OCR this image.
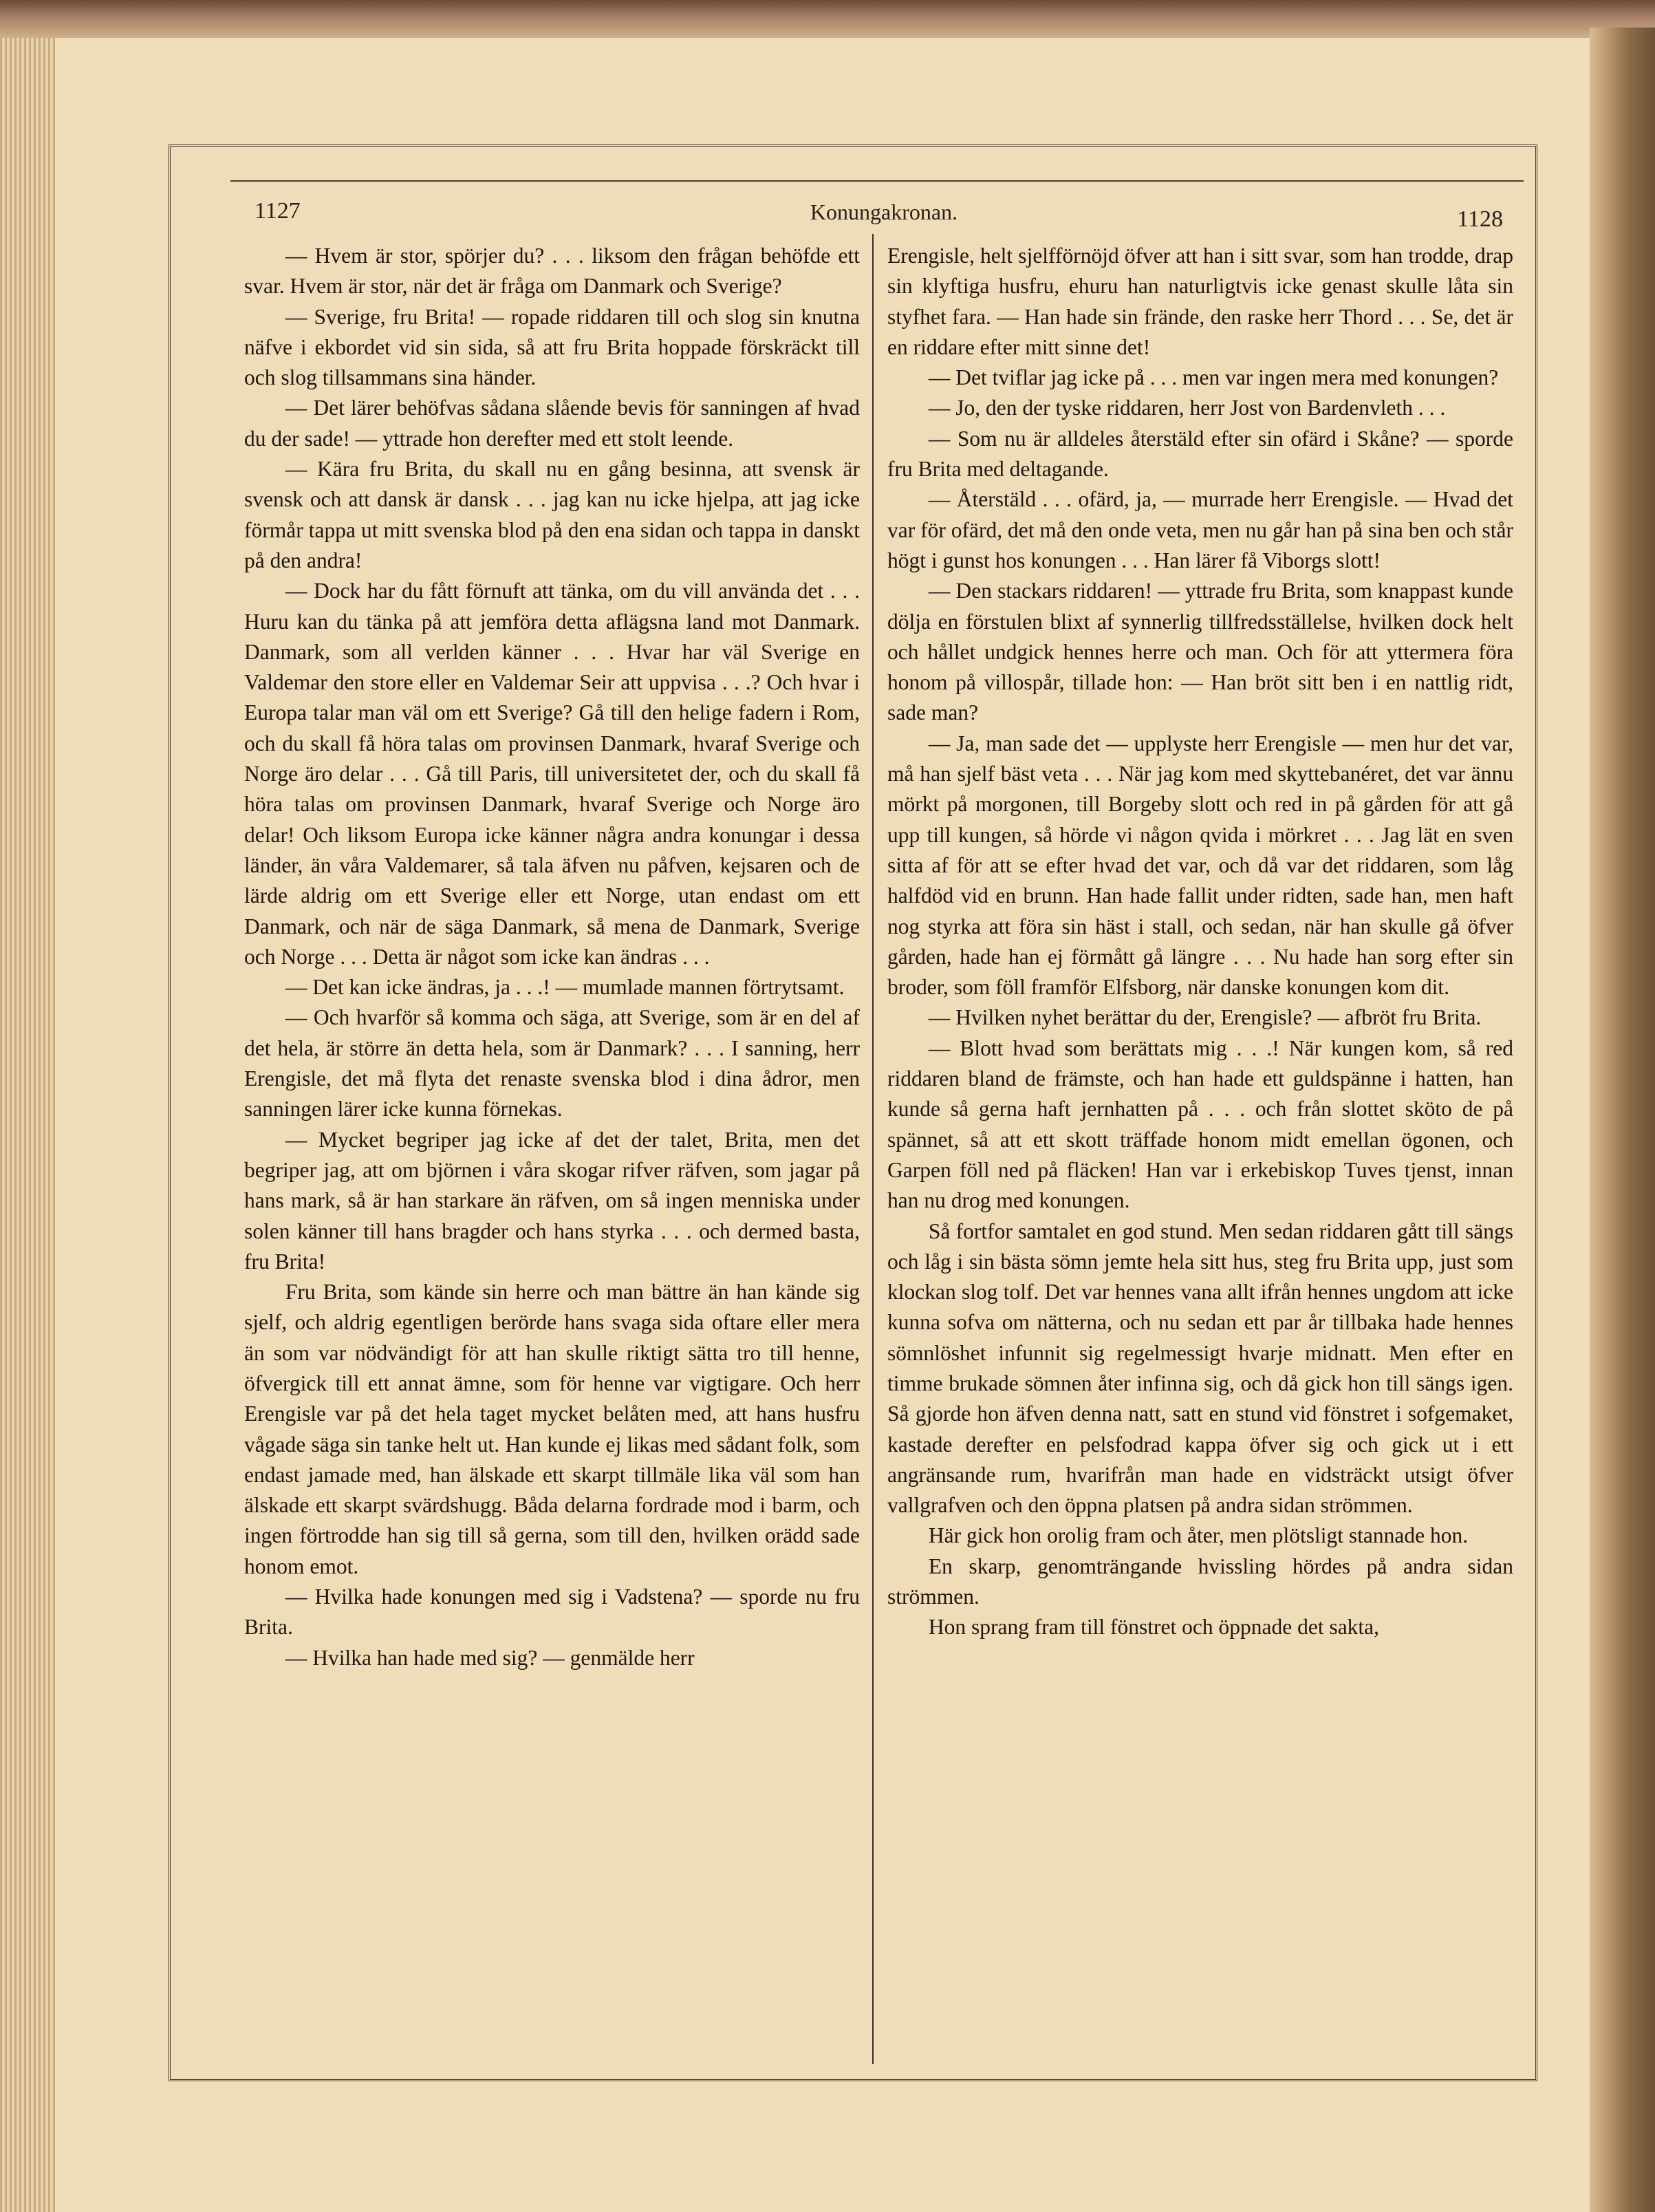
1127	Konungakronan.	1128

— Hvem är stor, spörjer du? . . . liksom den frågan behöfde ett svar. Hvem är stor, när det är fråga om Danmark och Sverige?

— Sverige, fru Brita! — ropade riddaren till och slog sin knutna näfve i ekbordet vid sin sida, så att fru Brita hoppade förskräckt till och slog tillsammans sina händer.

— Det lärer behöfvas sådana slående bevis för sanningen af hvad du der sade! — yttrade hon derefter med ett stolt leende.

— Kära fru Brita, du skall nu en gång besinna, att svensk är svensk och att dansk är dansk . . . jag kan nu icke hjelpa, att jag icke förmår tappa ut mitt svenska blod på den ena sidan och tappa in danskt på den andra!

— Dock har du fått förnuft att tänka, om du vill använda det . . . Huru kan du tänka på att jemföra detta aflägsna land mot Danmark. Danmark, som all verlden känner . . . Hvar har väl Sverige en Valdemar den store eller en Valdemar Seir att uppvisa . . .? Och hvar i Europa talar man väl om ett Sverige? Gå till den helige fadern i Rom, och du skall få höra talas om provinsen Danmark, hvaraf Sverige och Norge äro delar . . . Gå till Paris, till universitetet der, och du skall få höra talas om provinsen Danmark, hvaraf Sverige och Norge äro delar! Och liksom Europa icke känner några andra konungar i dessa länder, än våra Valdemarer, så tala äfven nu påfven, kejsaren och de lärde aldrig om ett Sverige eller ett Norge, utan endast om ett Danmark, och när de säga Danmark, så mena de Danmark, Sverige och Norge . . . Detta är något som icke kan ändras . . .

— Det kan icke ändras, ja . . .! — mumlade mannen förtrytsamt.

— Och hvarför så komma och säga, att Sverige, som är en del af det hela, är större än detta hela, som är Danmark? . . . I sanning, herr Erengisle, det må flyta det renaste svenska blod i dina ådror, men sanningen lärer icke kunna förnekas.

— Mycket begriper jag icke af det der talet, Brita, men det begriper jag, att om björnen i våra skogar rifver räfven, som jagar på hans mark, så är han starkare än räfven, om så ingen menniska under solen känner till hans bragder och hans styrka . . . och dermed basta, fru Brita!

Fru Brita, som kände sin herre och man bättre än han kände sig sjelf, och aldrig egentligen berörde hans svaga sida oftare eller mera än som var nödvändigt för att han skulle riktigt sätta tro till henne, öfvergick till ett annat ämne, som för henne var vigtigare. Och herr Erengisle var på det hela taget mycket belåten med, att hans husfru vågade säga sin tanke helt ut. Han kunde ej likas med sådant folk, som endast jamade med, han älskade ett skarpt tillmäle lika väl som han älskade ett skarpt svärdshugg. Båda delarna fordrade mod i barm, och ingen förtrodde han sig till så gerna, som till den, hvilken orädd sade honom emot.

— Hvilka hade konungen med sig i Vadstena? — sporde nu fru Brita.

— Hvilka han hade med sig? — genmälde herr

Erengisle, helt sjelfförnöjd öfver att han i sitt svar, som han trodde, drap sin klyftiga husfru, ehuru han naturligtvis icke genast skulle låta sin styfhet fara. — Han hade sin frände, den raske herr Thord . . . Se, det är en riddare efter mitt sinne det!

— Det tviflar jag icke på . . . men var ingen mera med konungen?

— Jo, den der tyske riddaren, herr Jost von Bardenvleth . . .

— Som nu är alldeles återstäld efter sin ofärd i Skåne? — sporde fru Brita med deltagande.

— Återstäld . . . ofärd, ja, — murrade herr Erengisle. — Hvad det var för ofärd, det må den onde veta, men nu går han på sina ben och står högt i gunst hos konungen . . . Han lärer få Viborgs slott!

— Den stackars riddaren! — yttrade fru Brita, som knappast kunde dölja en förstulen blixt af synnerlig tillfredsställelse, hvilken dock helt och hållet undgick hennes herre och man. Och för att yttermera föra honom på villospår, tillade hon: — Han bröt sitt ben i en nattlig ridt, sade man?

— Ja, man sade det — upplyste herr Erengisle — men hur det var, må han sjelf bäst veta . . . När jag kom med skyttebanéret, det var ännu mörkt på morgonen, till Borgeby slott och red in på gården för att gå upp till kungen, så hörde vi någon qvida i mörkret . . . Jag lät en sven sitta af för att se efter hvad det var, och då var det riddaren, som låg halfdöd vid en brunn. Han hade fallit under ridten, sade han, men haft nog styrka att föra sin häst i stall, och sedan, när han skulle gå öfver gården, hade han ej förmått gå längre . . . Nu hade han sorg efter sin broder, som föll framför Elfsborg, när danske konungen kom dit.

— Hvilken nyhet berättar du der, Erengisle? — afbröt fru Brita.

— Blott hvad som berättats mig . . .! När kungen kom, så red riddaren bland de främste, och han hade ett guldspänne i hatten, han kunde så gerna haft jernhatten på . . . och från slottet sköto de på spännet, så att ett skott träffade honom midt emellan ögonen, och Garpen föll ned på fläcken! Han var i erkebiskop Tuves tjenst, innan han nu drog med konungen.

Så fortfor samtalet en god stund. Men sedan riddaren gått till sängs och låg i sin bästa sömn jemte hela sitt hus, steg fru Brita upp, just som klockan slog tolf. Det var hennes vana allt ifrån hennes ungdom att icke kunna sofva om nätterna, och nu sedan ett par år tillbaka hade hennes sömnlöshet infunnit sig regelmessigt hvarje midnatt. Men efter en timme brukade sömnen åter infinna sig, och då gick hon till sängs igen. Så gjorde hon äfven denna natt, satt en stund vid fönstret i sofgemaket, kastade derefter en pelsfodrad kappa öfver sig och gick ut i ett angränsande rum, hvarifrån man hade en vidsträckt utsigt öfver vallgrafven och den öppna platsen på andra sidan strömmen.

Här gick hon orolig fram och åter, men plötsligt stannade hon.

En skarp, genomträngande hvissling hördes på andra sidan strömmen.

Hon sprang fram till fönstret och öppnade det sakta,
